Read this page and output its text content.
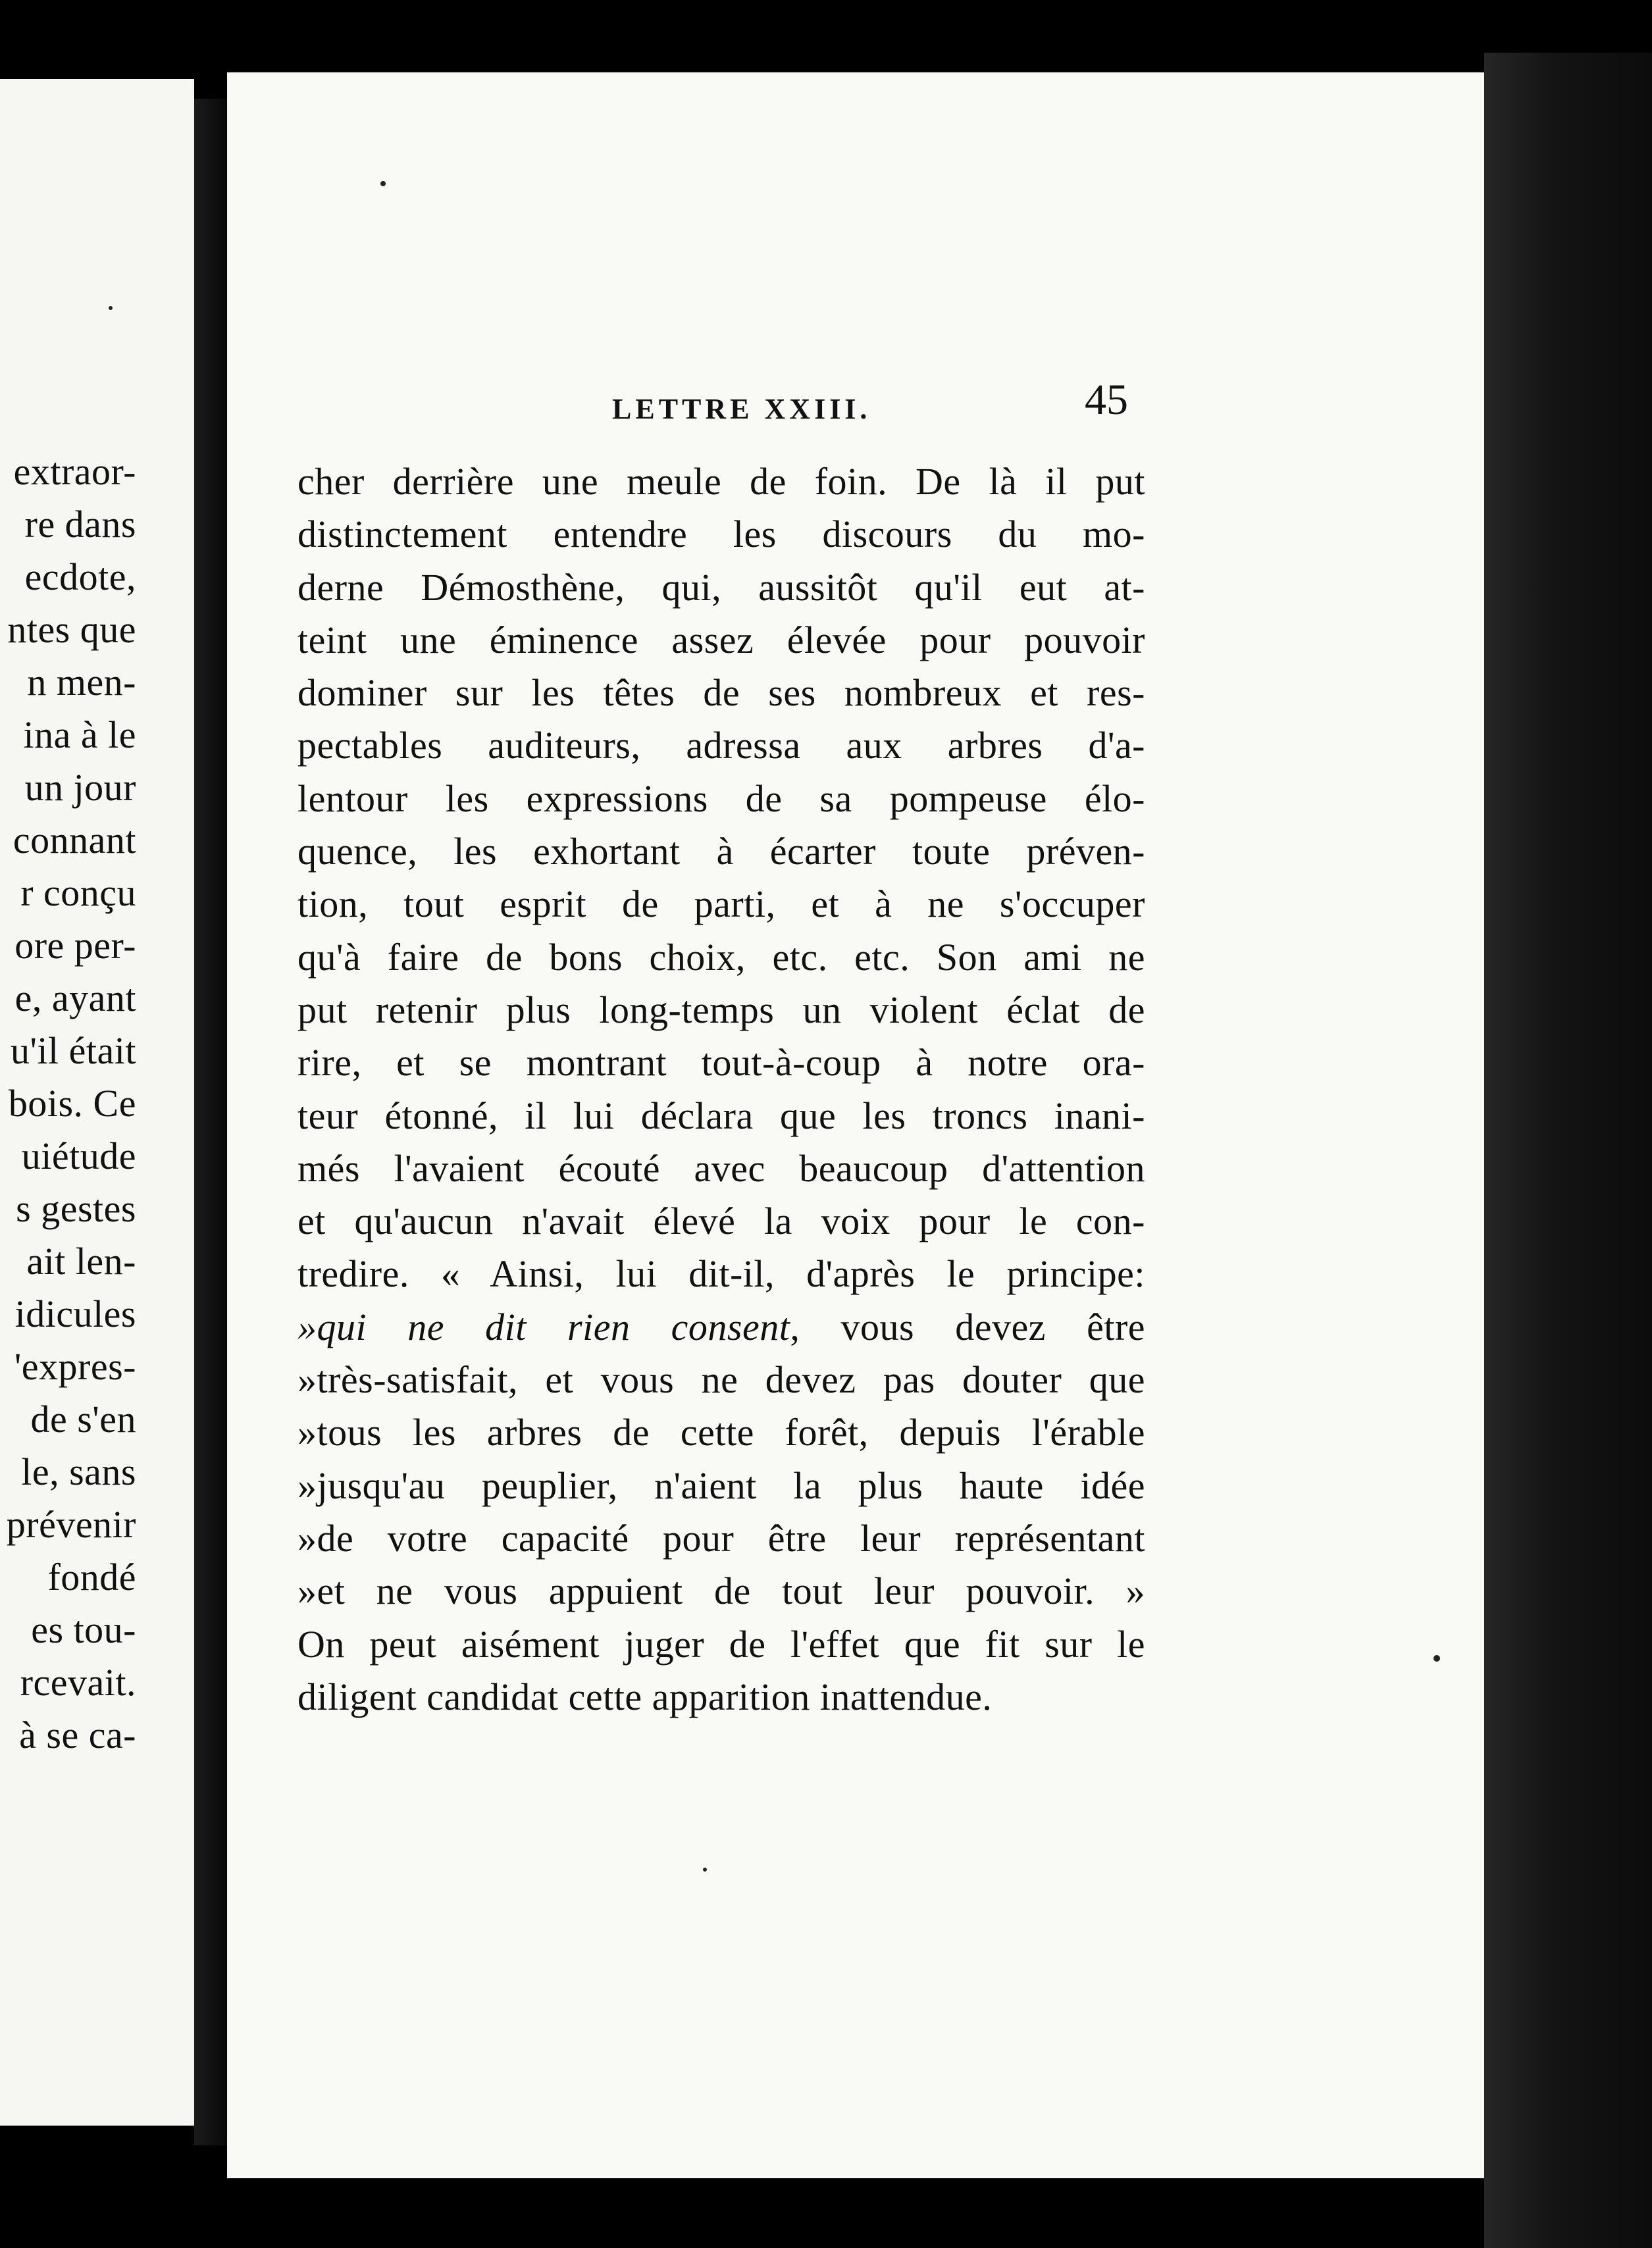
extraor-
re dans
ecdote,
ntes que
n men-
ina à le
un jour
connant
r conçu
ore per-
e, ayant
u'il était
bois. Ce
uiétude
s gestes
ait len-
idicules
'expres-
de s'en
le, sans
prévenir
fondé
es tou-
rcevait.
à se ca-
LETTRE XXIII.	45
cher derrière une meule de foin. De là il put
distinctement entendre les discours du mo-
derne Démosthène, qui, aussitôt qu'il eut at-
teint une éminence assez élevée pour pouvoir
dominer sur les têtes de ses nombreux et res-
pectables auditeurs, adressa aux arbres d'a-
lentour les expressions de sa pompeuse élo-
quence, les exhortant à écarter toute préven-
tion, tout esprit de parti, et à ne s'occuper
qu'à faire de bons choix, etc. etc. Son ami ne
put retenir plus long-temps un violent éclat de
rire, et se montrant tout-à-coup à notre ora-
teur étonné, il lui déclara que les troncs inani-
més l'avaient écouté avec beaucoup d'attention
et qu'aucun n'avait élevé la voix pour le con-
tredire. « Ainsi, lui dit-il, d'après le principe:
»qui ne dit rien consent, vous devez être
»très-satisfait, et vous ne devez pas douter que
»tous les arbres de cette forêt, depuis l'érable
»jusqu'au peuplier, n'aient la plus haute idée
»de votre capacité pour être leur représentant
»et ne vous appuient de tout leur pouvoir. »
On peut aisément juger de l'effet que fit sur le
diligent candidat cette apparition inattendue.
